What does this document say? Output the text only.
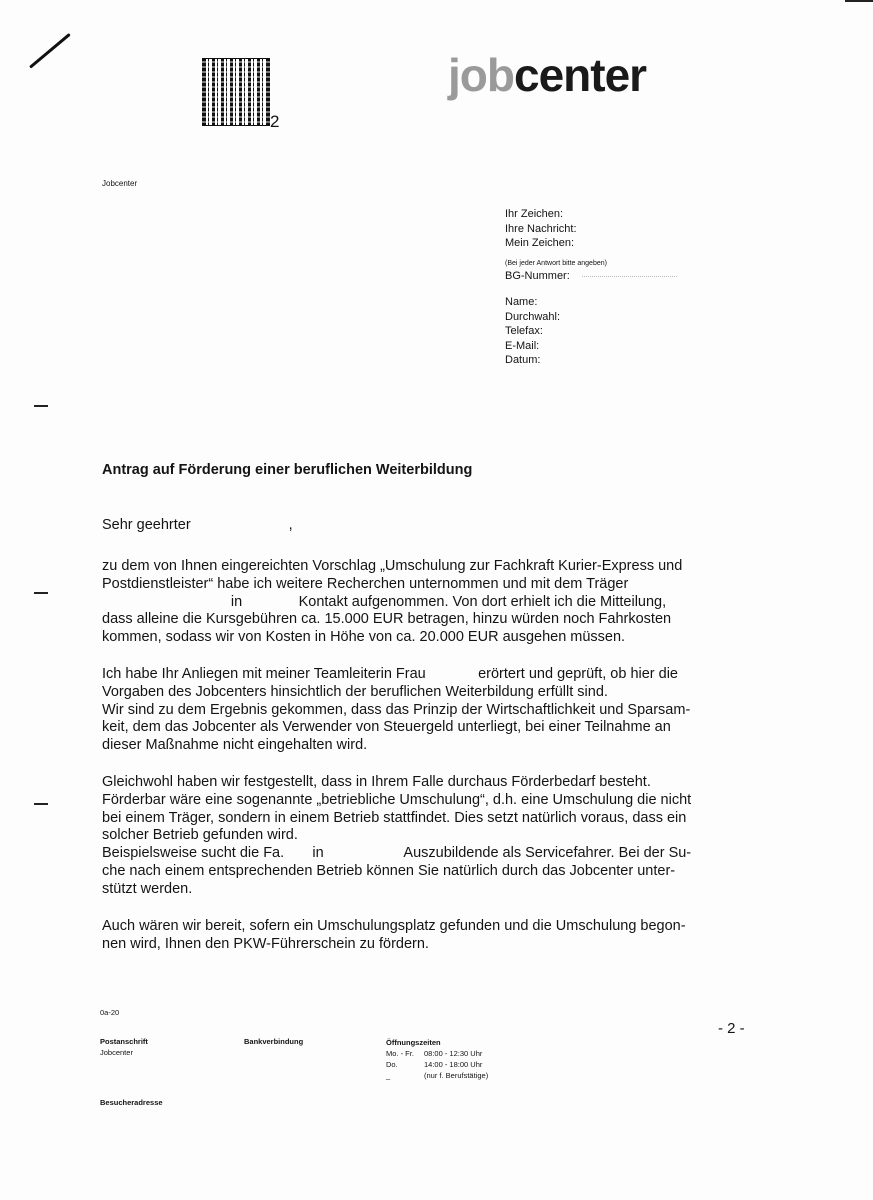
2
jobcenter
Jobcenter
Ihr Zeichen:
Ihre Nachricht:
Mein Zeichen:
(Bei jeder Antwort bitte angeben)
BG-Nummer:
Name:
Durchwahl:
Telefax:
E-Mail:
Datum:
Antrag auf Förderung einer beruflichen Weiterbildung
Sehr geehrter	,
zu dem von Ihnen eingereichten Vorschlag „Umschulung zur Fachkraft Kurier-Express und
Postdienstleister“ habe ich weitere Recherchen unternommen und mit dem Träger
in              Kontakt aufgenommen. Von dort erhielt ich die Mitteilung,
dass alleine die Kursgebühren ca. 15.000 EUR betragen, hinzu würden noch Fahrkosten
kommen, sodass wir von Kosten in Höhe von ca. 20.000 EUR ausgehen müssen.
Ich habe Ihr Anliegen mit meiner Teamleiterin Frau             erörtert und geprüft, ob hier die
Vorgaben des Jobcenters hinsichtlich der beruflichen Weiterbildung erfüllt sind.
Wir sind zu dem Ergebnis gekommen, dass das Prinzip der Wirtschaftlichkeit und Sparsam-
keit, dem das Jobcenter als Verwender von Steuergeld unterliegt, bei einer Teilnahme an
dieser Maßnahme nicht eingehalten wird.
Gleichwohl haben wir festgestellt, dass in Ihrem Falle durchaus Förderbedarf besteht.
Förderbar wäre eine sogenannte „betriebliche Umschulung“, d.h. eine Umschulung die nicht
bei einem Träger, sondern in einem Betrieb stattfindet. Dies setzt natürlich voraus, dass ein
solcher Betrieb gefunden wird.
Beispielsweise sucht die Fa.       in                    Auszubildende als Servicefahrer. Bei der Su-
che nach einem entsprechenden Betrieb können Sie natürlich durch das Jobcenter unter-
stützt werden.
Auch wären wir bereit, sofern ein Umschulungsplatz gefunden und die Umschulung begon-
nen wird, Ihnen den PKW-Führerschein zu fördern.
0a-20
- 2 -
Postanschrift
Jobcenter
Bankverbindung	Öffnungszeiten
Mo. - Fr.	08:00 - 12:30 Uhr
Do.	14:00 - 18:00 Uhr
_	(nur f. Berufstätige)
Besucheradresse
